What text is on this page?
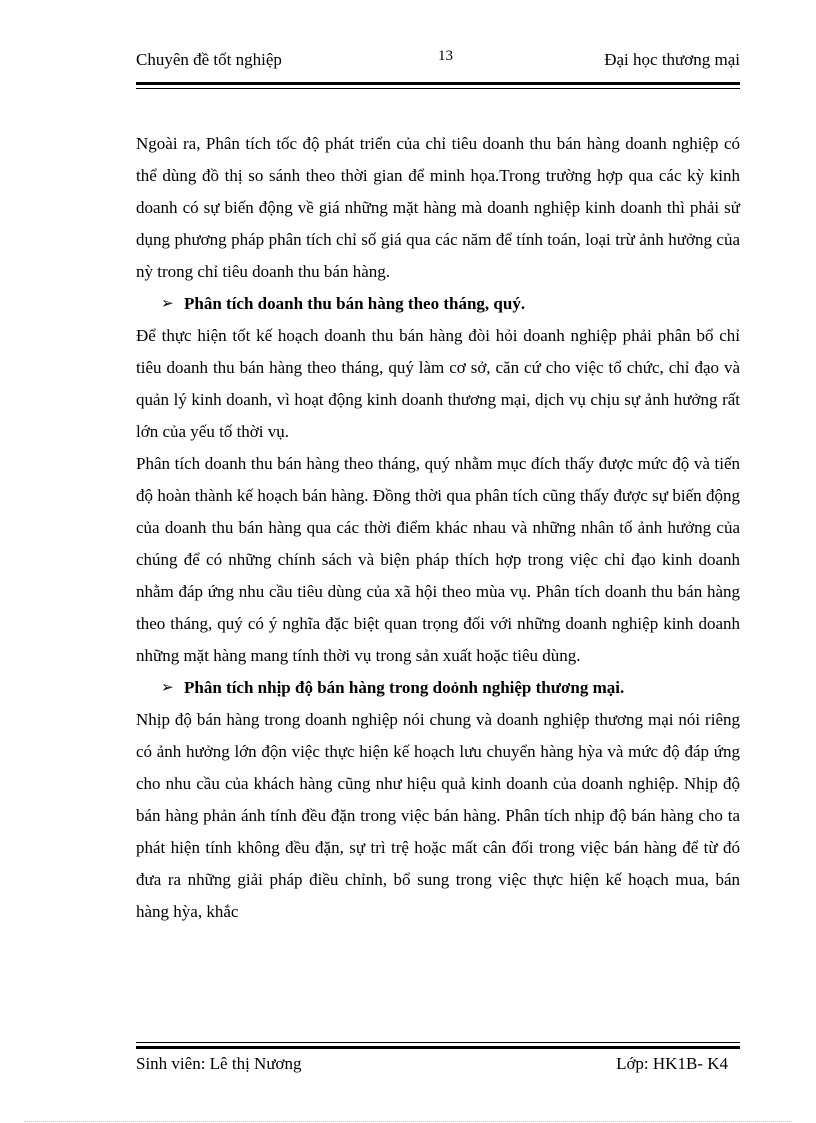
Chuyên đề tốt nghiệp	13	Đại học thương mại

Ngoài ra, Phân tích tốc độ phát triển của chỉ tiêu doanh thu bán hàng doanh nghiệp có thể dùng đồ thị so sánh theo thời gian để minh họa.Trong trường hợp qua các kỳ kinh doanh có sự biến động về giá những mặt hàng mà doanh nghiệp kinh doanh thì phải sử dụng phương pháp phân tích chỉ số giá qua các năm để tính toán, loại trừ ảnh hưởng của nỳ trong chỉ tiêu doanh thu bán hàng.

➢ Phân tích doanh thu bán hàng theo tháng, quý.

Để thực hiện tốt kế hoạch doanh thu bán hàng đòi hỏi doanh nghiệp phải phân bổ chỉ tiêu doanh thu bán hàng theo tháng, quý làm cơ sở, căn cứ cho việc tổ chức, chỉ đạo và quản lý kinh doanh, vì hoạt động kinh doanh thương mại, dịch vụ chịu sự ảnh hưởng rất lớn của yếu tố thời vụ.

Phân tích doanh thu bán hàng theo tháng, quý nhằm mục đích thấy được mức độ và tiến độ hoàn thành kế hoạch bán hàng. Đồng thời qua phân tích cũng thấy được sự biến động của doanh thu bán hàng qua các thời điểm khác nhau và những nhân tố ảnh hưởng của chúng để có những chính sách và biện pháp thích hợp trong việc chỉ đạo kinh doanh nhằm đáp ứng nhu cầu tiêu dùng của xã hội theo mùa vụ. Phân tích doanh thu bán hàng theo tháng, quý có ý nghĩa đặc biệt quan trọng đối với những doanh nghiệp kinh doanh những mặt hàng mang tính thời vụ trong sản xuất hoặc tiêu dùng.

➢ Phân tích nhịp độ bán hàng trong doỏnh nghiệp thương mại.

Nhịp độ bán hàng trong doanh nghiệp nói chung và doanh nghiệp thương mại nói riêng có ảnh hưởng lớn độn việc thực hiện kế hoạch lưu chuyển hàng hỳa và mức độ đáp ứng cho nhu cầu của khách hàng cũng như hiệu quả kinh doanh của doanh nghiệp. Nhịp độ bán hàng phản ánh tính đều đặn trong việc bán hàng. Phân tích nhịp độ bán hàng cho ta phát hiện tính không đều đặn, sự trì trệ hoặc mất cân đối trong việc bán hàng để từ đó đưa ra những giải pháp điều chỉnh, bổ sung trong việc thực hiện kế hoạch mua, bán hàng hỳa, khắc

Sinh viên: Lê thị Nương	Lớp: HK1B- K4
